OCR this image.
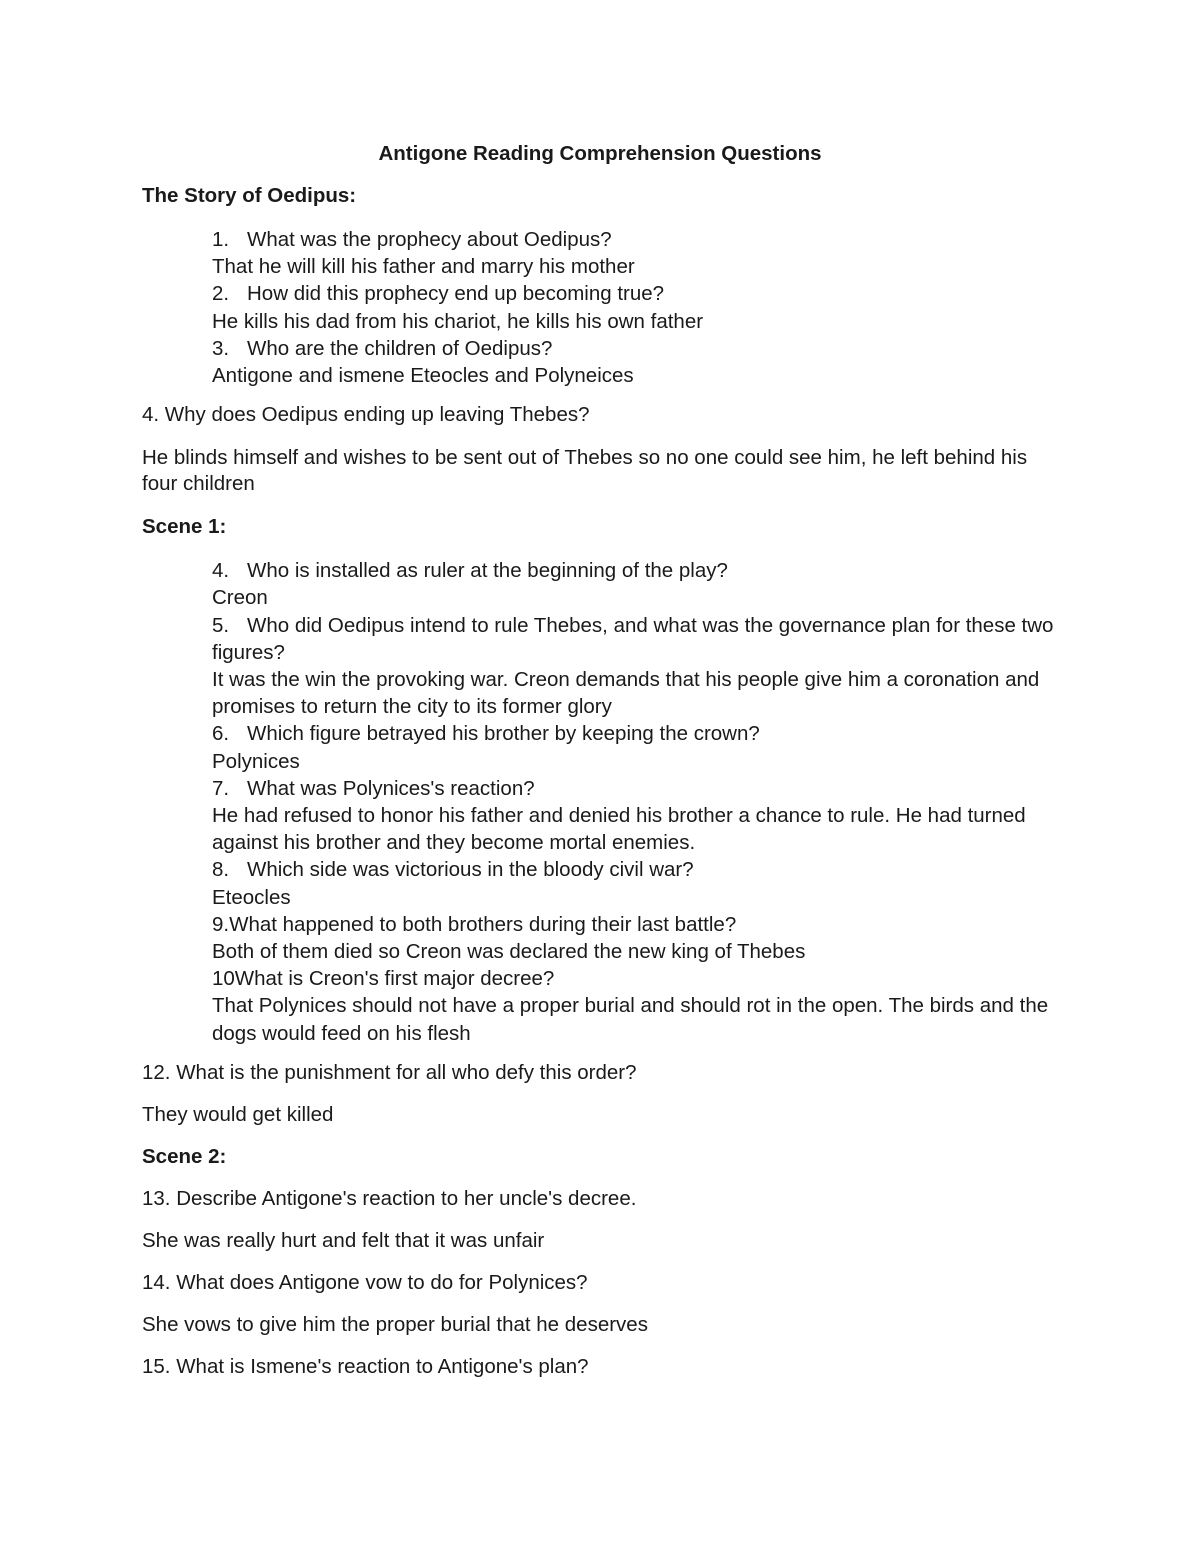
Antigone Reading Comprehension Questions
The Story of Oedipus:
1. What was the prophecy about Oedipus?
That he will kill his father and marry his mother
2. How did this prophecy end up becoming true?
He kills his dad from his chariot, he kills his own father
3. Who are the children of Oedipus?
Antigone and ismene Eteocles and Polyneices
4. Why does Oedipus ending up leaving Thebes?
He blinds himself and wishes to be sent out of Thebes so no one could see him, he left behind his four children
Scene 1:
4. Who is installed as ruler at the beginning of the play?
Creon
5. Who did Oedipus intend to rule Thebes, and what was the governance plan for these two figures?
It was the win the provoking war. Creon demands that his people give him a coronation and promises to return the city to its former glory
6. Which figure betrayed his brother by keeping the crown?
Polynices
7. What was Polynices's reaction?
He had refused to honor his father and denied his brother a chance to rule. He had turned against his brother and they become mortal enemies.
8. Which side was victorious in the bloody civil war?
Eteocles
9.What happened to both brothers during their last battle?
Both of them died so Creon was declared the new king of Thebes
10What is Creon's first major decree?
That Polynices should not have a proper burial and should rot in the open. The birds and the dogs would feed on his flesh
12. What is the punishment for all who defy this order?
They would get killed
Scene 2:
13. Describe Antigone's reaction to her uncle's decree.
She was really hurt and felt that it was unfair
14. What does Antigone vow to do for Polynices?
She vows to give him the proper burial that he deserves
15. What is Ismene's reaction to Antigone's plan?
